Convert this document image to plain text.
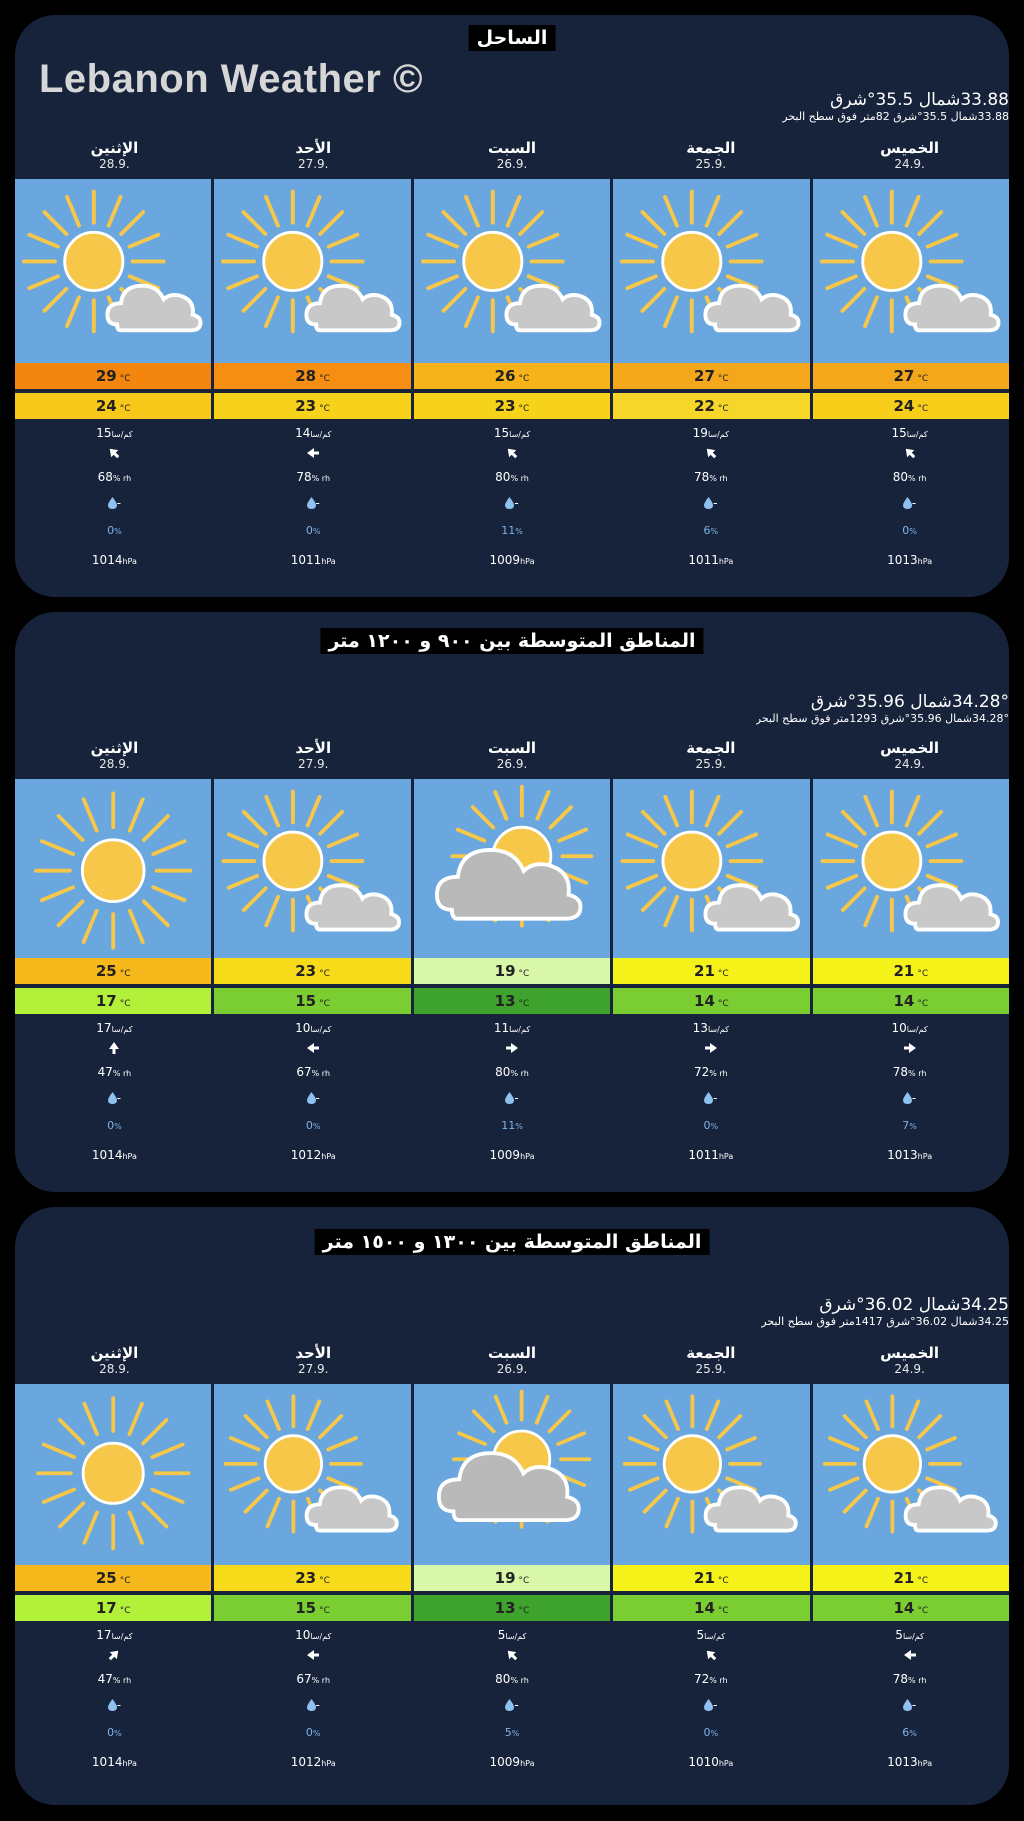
الساحل
Lebanon Weather ©	33.88شمال 35.5°شرق
33.88شمال 35.5°شرق 82متر فوق سطح البحر
الخميس
24.9.
الجمعة
25.9.
السبت
26.9.
الأحد
27.9.
الإثنين
28.9.
27 °C
27 °C
26 °C
28 °C
29 °C
24 °C
22 °C
23 °C
23 °C
24 °C
15كم/سا
80% rh
-
0%
1013hPa
19كم/سا
78% rh
-
6%
1011hPa
15كم/سا
80% rh
-
11%
1009hPa
14كم/سا
78% rh
-
0%
1011hPa
15كم/سا
68% rh
-
0%
1014hPa
المناطق المتوسطة بين ٩٠٠ و ١٢٠٠ متر
34.28°شمال 35.96°شرق
34.28°شمال 35.96°شرق 1293متر فوق سطح البحر
الخميس
24.9.
الجمعة
25.9.
السبت
26.9.
الأحد
27.9.
الإثنين
28.9.
21 °C
21 °C
19 °C
23 °C
25 °C
14 °C
14 °C
13 °C
15 °C
17 °C
10كم/سا
78% rh
-
7%
1013hPa
13كم/سا
72% rh
-
0%
1011hPa
11كم/سا
80% rh
-
11%
1009hPa
10كم/سا
67% rh
-
0%
1012hPa
17كم/سا
47% rh
-
0%
1014hPa
المناطق المتوسطة بين ١٣٠٠ و ١٥٠٠ متر
34.25شمال 36.02°شرق
34.25شمال 36.02°شرق 1417متر فوق سطح البحر
الخميس
24.9.
الجمعة
25.9.
السبت
26.9.
الأحد
27.9.
الإثنين
28.9.
21 °C
21 °C
19 °C
23 °C
25 °C
14 °C
14 °C
13 °C
15 °C
17 °C
5كم/سا
78% rh
-
6%
1013hPa
5كم/سا
72% rh
-
0%
1010hPa
5كم/سا
80% rh
-
5%
1009hPa
10كم/سا
67% rh
-
0%
1012hPa
17كم/سا
47% rh
-
0%
1014hPa
